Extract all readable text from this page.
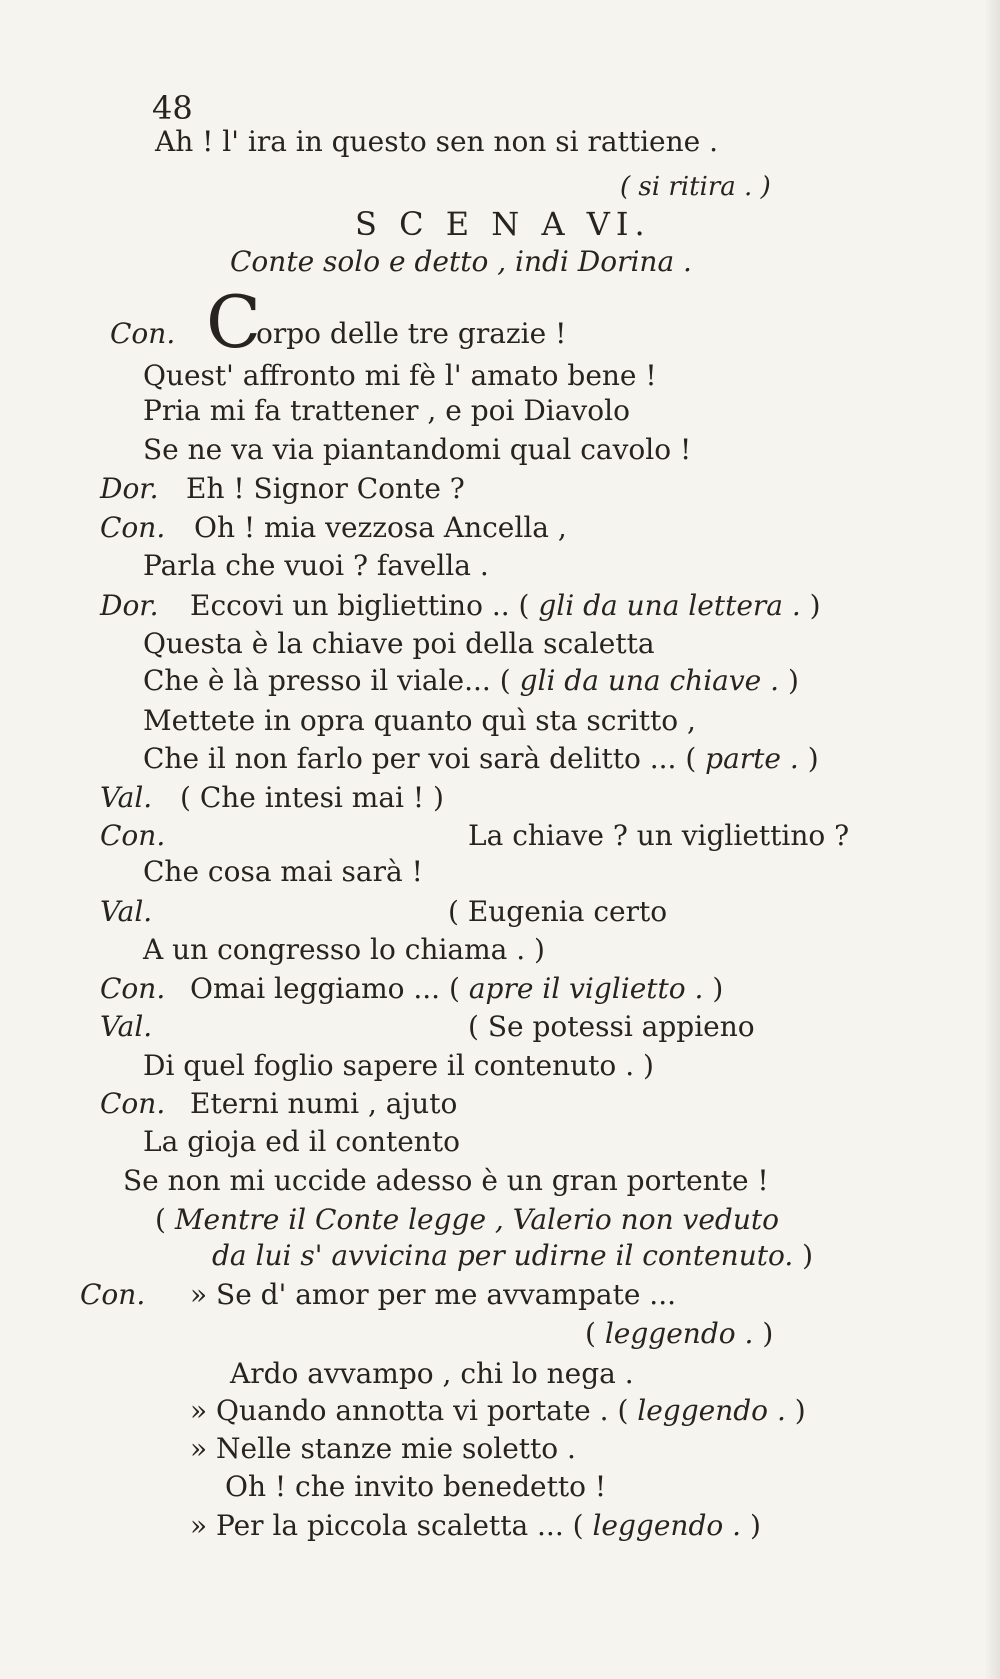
48
Ah ! l' ira in questo sen non si rattiene .
( si ritira . )
S C E N A VI.
Conte solo e detto , indi Dorina .
Con. C
orpo delle tre grazie !
Quest' affronto mi fè l' amato bene !
Pria mi fa trattener , e poi Diavolo
Se ne va via piantandomi qual cavolo !
Dor. Eh ! Signor Conte ?
Con. Oh ! mia vezzosa Ancella ,
Parla che vuoi ? favella .
Dor. Eccovi un bigliettino .. ( gli da una lettera . )
Questa è la chiave poi della scaletta
Che è là presso il viale... ( gli da una chiave . )
Mettete in opra quanto quì sta scritto ,
Che il non farlo per voi sarà delitto ... ( parte . )
Val. ( Che intesi mai ! )
Con.	La chiave ? un vigliettino ?
Che cosa mai sarà !
Val.	( Eugenia certo
A un congresso lo chiama . )
Con. Omai leggiamo ... ( apre il viglietto . )
Val.	( Se potessi appieno
Di quel foglio sapere il contenuto . )
Con. Eterni numi , ajuto
La gioja ed il contento
Se non mi uccide adesso è un gran portente !
( Mentre il Conte legge , Valerio non veduto
da lui s' avvicina per udirne il contenuto. )
Con. » Se d' amor per me avvampate ...
( leggendo . )
Ardo avvampo , chi lo nega .
» Quando annotta vi portate . ( leggendo . )
» Nelle stanze mie soletto .
Oh ! che invito benedetto !
» Per la piccola scaletta ... ( leggendo . )
